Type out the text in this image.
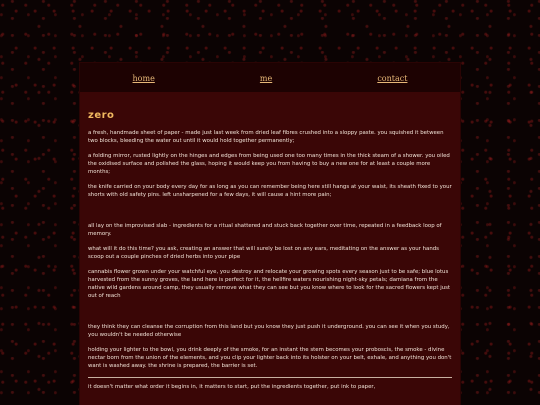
home	me	contact
zero

a fresh, handmade sheet of paper - made just last week from dried leaf fibres crushed into a sloppy paste. you squished it between two blocks, bleeding the water out until it would hold together permanently;

a folding mirror, rusted lightly on the hinges and edges from being used one too many times in the thick steam of a shower. you oiled the oxidised surface and polished the glass, hoping it would keep you from having to buy a new one for at least a couple more months;

the knife carried on your body every day for as long as you can remember being here still hangs at your waist, its sheath fixed to your shorts with old safety pins. left unsharpened for a few days, it will cause a hint more pain;

all lay on the improvised slab - ingredients for a ritual shattered and stuck back together over time, repeated in a feedback loop of memory.

what will it do this time? you ask, creating an answer that will surely be lost on any ears, meditating on the answer as your hands scoop out a couple pinches of dried herbs into your pipe

cannabis flower grown under your watchful eye, you destroy and relocate your growing spots every season just to be safe; blue lotus harvested from the sunny groves, the land here is perfect for it, the hellfire waters nourishing night-sky petals; damiana from the native wild gardens around camp, they usually remove what they can see but you know where to look for the sacred flowers kept just out of reach

they think they can cleanse the corruption from this land but you know they just push it underground. you can see it when you study, you wouldn't be needed otherwise

holding your lighter to the bowl, you drink deeply of the smoke, for an instant the stem becomes your proboscis, the smoke - divine nectar born from the union of the elements, and you clip your lighter back into its holster on your belt, exhale, and anything you don't want is washed away. the shrine is prepared, the barrier is set.

it doesn't matter what order it begins in, it matters to start, put the ingredients together, put ink to paper,
